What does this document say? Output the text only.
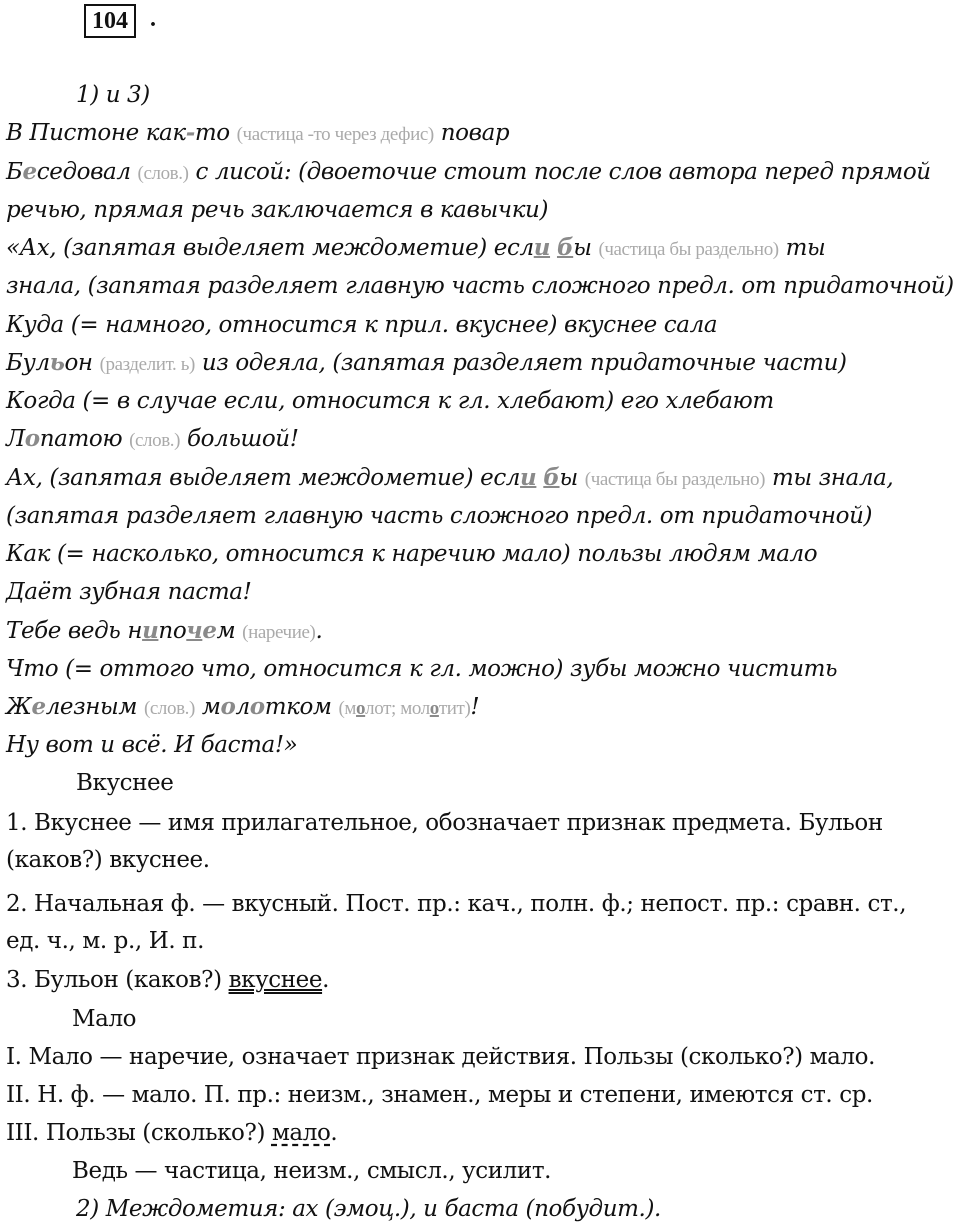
104 .
1) и 3)
В Пистоне как-то (частица -то через дефис) повар
Беседовал (слов.) с лисой: (двоеточие стоит после слов автора перед прямой
речью, прямая речь заключается в кавычки)
«Ах, (запятая выделяет междометие) если бы (частица бы раздельно) ты
знала, (запятая разделяет главную часть сложного предл. от придаточной)
Куда (= намного, относится к прил. вкуснее) вкуснее сала
Бульон (разделит. ь) из одеяла, (запятая разделяет придаточные части)
Когда (= в случае если, относится к гл. хлебают) его хлебают
Лопатою (слов.) большой!
Ах, (запятая выделяет междометие) если бы (частица бы раздельно) ты знала,
(запятая разделяет главную часть сложного предл. от придаточной)
Как (= насколько, относится к наречию мало) пользы людям мало
Даёт зубная паста!
Тебе ведь нипочем (наречие).
Что (= оттого что, относится к гл. можно) зубы можно чистить
Железным (слов.) молотком (молот; молотит)!
Ну вот и всё. И баста!»
Вкуснее
1. Вкуснее — имя прилагательное, обозначает признак предмета. Бульон
(каков?) вкуснее.
2. Начальная ф. — вкусный. Пост. пр.: кач., полн. ф.; непост. пр.: сравн. ст.,
ед. ч., м. р., И. п.
3. Бульон (каков?) вкуснее.
Мало
I. Мало — наречие, означает признак действия. Пользы (сколько?) мало.
II. Н. ф. — мало. П. пр.: неизм., знамен., меры и степени, имеются ст. ср.
III. Пользы (сколько?) мало.
Ведь — частица, неизм., смысл., усилит.
2) Междометия: ах (эмоц.), и баста (побудит.).
